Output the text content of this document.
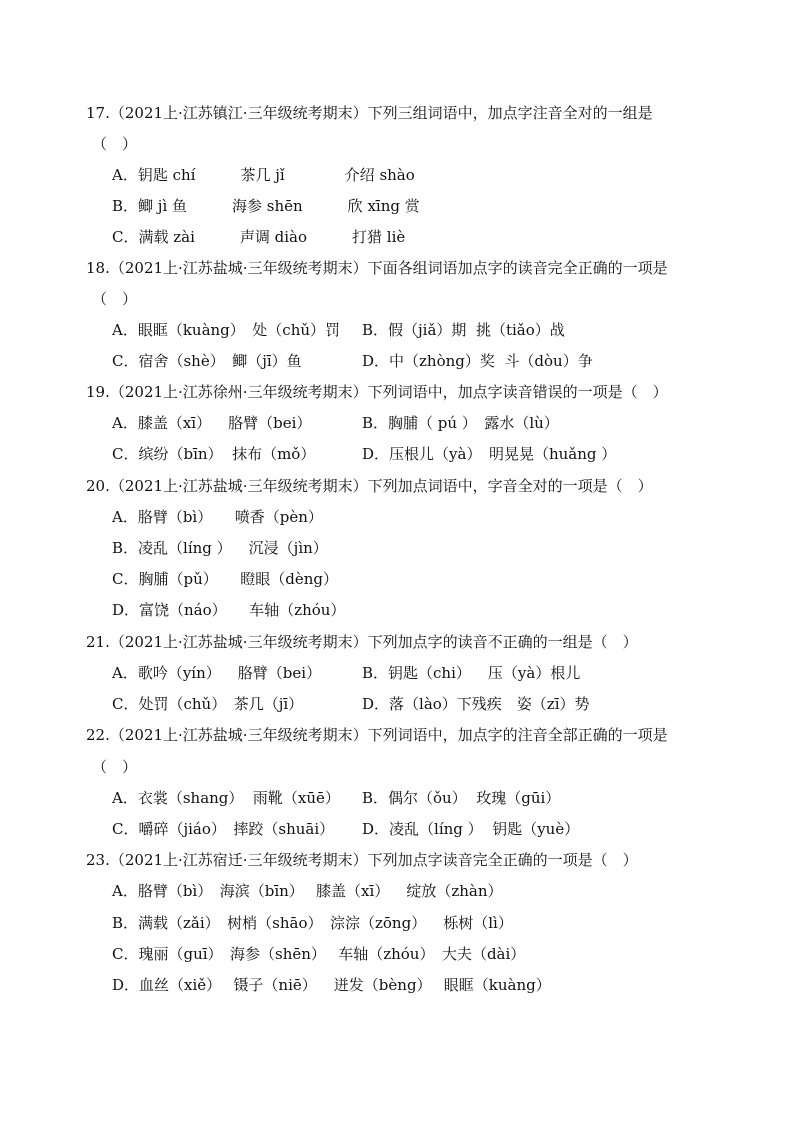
17.（2021上·江苏镇江·三年级统考期末）下列三组词语中，加点字注音全对的一组是
（　）
A．钥匙 chí　　　茶几 jǐ　　　　介绍 shào
B．鲫 jì 鱼　　　海参 shēn　　　欣 xīng 赏
C．满载 zài　　　声调 diào　　　打猎 liè
18.（2021上·江苏盐城·三年级统考期末）下面各组词语加点字的读音完全正确的一项是
（　）
A．眼眶（kuàng）　处（chǔ）罚 B．假（jiǎ）期  挑（tiǎo）战
C．宿舍（shè）　鲫（jī）鱼	D．中（zhòng）奖  斗（dòu）争
19.（2021上·江苏徐州·三年级统考期末）下列词语中，加点字读音错误的一项是（　）
A．膝盖（xī）　  胳臂（bei）	B．胸脯（ pú ）　露水（lù）
C．缤纷（bīn）  抹布（mǒ）	D．压根儿（yà）　明晃晃（huǎng ）
20.（2021上·江苏盐城·三年级统考期末）下列加点词语中，字音全对的一项是（　）
A．胳臂（bì）　　喷香（pèn）
B．凌乱（líng ）　  沉浸（jìn）
C．胸脯（pǔ）　　瞪眼（dèng）
D．富饶（náo）　　车轴（zhóu）
21.（2021上·江苏盐城·三年级统考期末）下列加点字的读音不正确的一组是（　）
A．歌吟（yín）　  胳臂（bei）	B．钥匙（chi）　  压（yà）根儿
C．处罚（chǔ）　茶几（jī）	D．落（lào）下残疾　姿（zī）势
22.（2021上·江苏盐城·三年级统考期末）下列词语中，加点字的注音全部正确的一项是
（　）
A．衣裳（shang）  雨靴（xūē） B．偶尔（ǒu）  玫瑰（gūi）
C．嚼碎（jiáo）　摔跤（shuāi） D．凌乱（líng ）  钥匙（yuè）
23.（2021上·江苏宿迁·三年级统考期末）下列加点字读音完全正确的一项是（　）
A．胳臂（bì）　海滨（bīn）　 膝盖（xī）　  绽放（zhàn）
B．满载（zǎi）　树梢（shāo）　淙淙（zōng）　  栎树（lì）
C．瑰丽（guī）　海参（shēn）　 车轴（zhóu）　大夫（dài）
D．血丝（xiě）　 镊子（niē）　  迸发（bèng）　 眼眶（kuàng）
